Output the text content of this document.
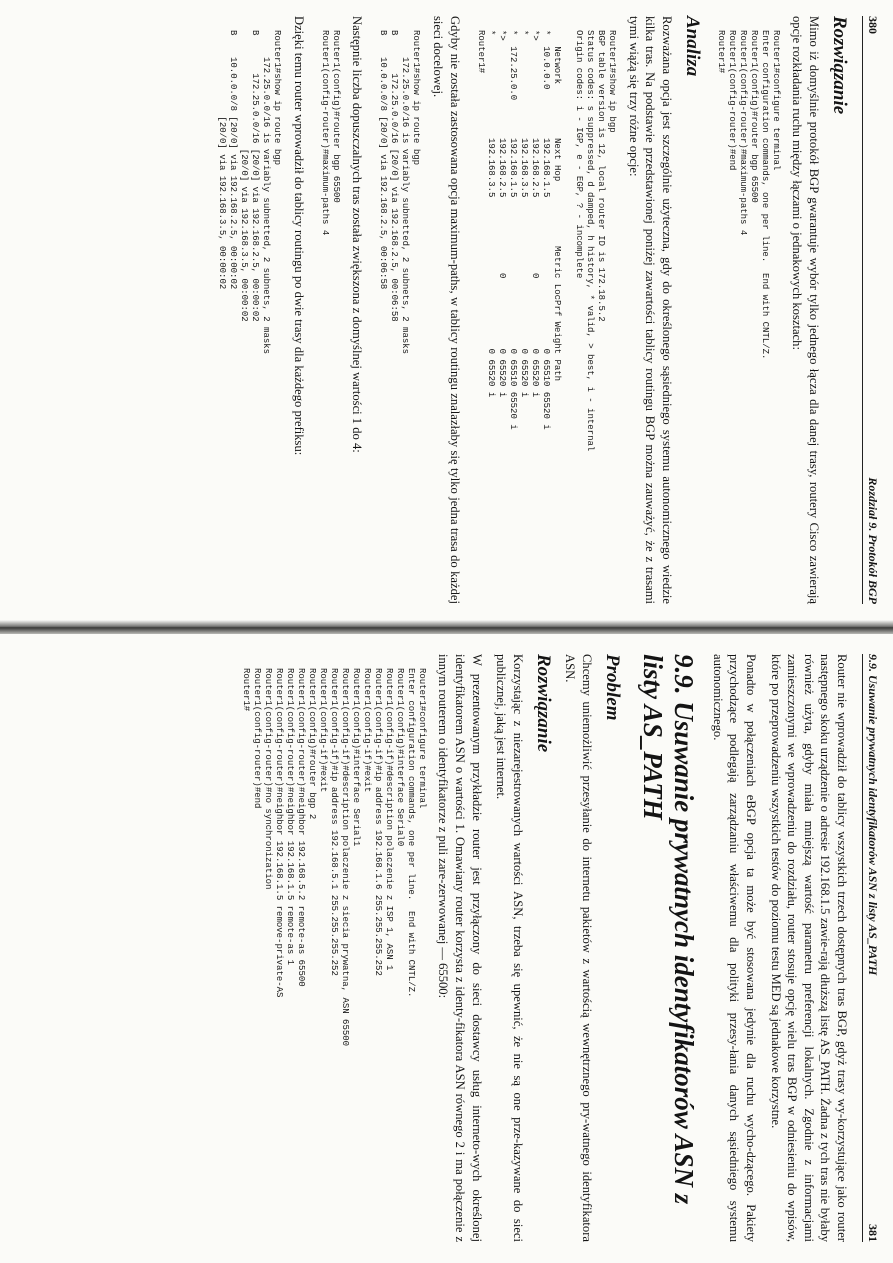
380
Rozdział 9. Protokół BGP
Rozwiązanie

Mimo iż domyślnie protokół BGP gwarantuje wybór tylko jednego łącza dla danej trasy, routery Cisco zawierają opcje rozkładania ruchu między łączami o jednakowych kosztach:

Router1#configure terminal
Enter configuration commands, one per line.  End with CNTL/Z.
Router1(config)#router bgp 65500
Router1(config-router)#maximum-paths 4
Router1(config-router)#end
Router1#
Analiza

Rozważana opcja jest szczególnie użyteczna, gdy do określonego sąsiedniego systemu autonomicznego wiedzie kilka tras. Na podstawie przedstawionej poniżej zawartości tablicy routingu BGP można zauważyć, że z trasami tymi wiążą się trzy różne opcje:

Router1#show ip bgp
BGP table version is 12, local router ID is 172.18.5.2
Status codes: s suppressed, d damped, h history, * valid, > best, i - internal
Origin codes: i - IGP, e - EGP, ? - incomplete

Network          Next Hop            Metric LocPrf Weight Path
*  10.0.0.0         192.168.1.5                            0 65510 65520 i
*>                  192.168.2.5              0             0 65520 i
*                   192.168.3.5                            0 65520 i
*  172.25.0.0       192.168.1.5                            0 65510 65520 i
*>                  192.168.2.5              0             0 65520 i
*                   192.168.3.5                            0 65520 i
Router1#

Gdyby nie została zastosowana opcja maximum-paths, w tablicy routingu znalazłaby się tylko jedna trasa do każdej sieci docelowej.

Router1#show ip route bgp
172.25.0.0/16 is variably subnetted, 2 subnets, 2 masks
B       172.25.0.0/16 [20/0] via 192.168.2.5, 00:06:58
B    10.0.0.0/8 [20/0] via 192.168.2.5, 00:06:58

Następnie liczba dopuszczalnych tras została zwiększona z domyślnej wartości 1 do 4:

Router1(config)#router bgp 65500
Router1(config-router)#maximum-paths 4

Dzięki temu router wprowadził do tablicy routingu po dwie trasy dla każdego prefiksu:

Router1#show ip route bgp
172.25.0.0/16 is variably subnetted, 2 subnets, 2 masks
B       172.25.0.0/16 [20/0] via 192.168.2.5, 00:00:02
[20/0] via 192.168.3.5, 00:00:02
B    10.0.0.0/8 [20/0] via 192.168.2.5, 00:00:02
[20/0] via 192.168.3.5, 00:00:02
9.9. Usuwanie prywatnych identyfikatorów ASN z listy AS_PATH
381

Router nie wprowadził do tablicy wszystkich trzech dostępnych tras BGP, gdyż trasy wy-korzystujące jako router następnego skoku urządzenie o adresie 192.168.1.5 zawie-rają dłuższą listę AS_PATH. Żadna z tych tras nie byłaby również użyta, gdyby miała mniejszą wartość parametru preferencji lokalnych. Zgodnie z informacjami zamieszczonymi we wprowadzeniu do rozdziału, router stosuje opcję wielu tras BGP w odniesieniu do wpisów, które po przeprowadzeniu wszystkich testów do poziomu testu MED są jednakowe korzystne.

Ponadto w połączeniach eBGP opcja ta może być stosowana jedynie dla ruchu wycho-dzącego. Pakiety przychodzące podlegają zarządzaniu właściwemu dla polityki przesy-łania danych sąsiedniego systemu autonomicznego.

9.9. Usuwanie prywatnych identyfikatorów ASN z listy AS_PATH
Problem

Chcemy uniemożliwić przesyłanie do internetu pakietów z wartością wewnętrznego pry-watnego identyfikatora ASN.

Rozwiązanie

Korzystając z niezarejestrowanych wartości ASN, trzeba się upewnić, że nie są one prze-kazywane do sieci publicznej, jaką jest internet.

W prezentowanym przykładzie router jest przyłączony do sieci dostawcy usług interneto-wych określonej identyfikatorem ASN o wartości 1. Omawiany router korzysta z identy-fikatora ASN równego 2 i ma połączenie z innym routerem o identyfikatorze z puli zare-zerwowanej — 65500:

Router1#configure terminal
Enter configuration commands, one per line.  End with CNTL/Z.
Router1(config)#interface Serial0
Router1(config-if)#description polaczenie z ISP 1, ASN 1
Router1(config-if)#ip address 192.168.1.6 255.255.255.252
Router1(config-if)#exit
Router1(config)#interface Serial1
Router1(config-if)#description polaczenie z siecia prywatna, ASN 65500
Router1(config-if)#ip address 192.168.5.1 255.255.255.252
Router1(config-if)#exit
Router1(config)#router bgp 2
Router1(config-router)#neighbor 192.168.5.2 remote-as 65500
Router1(config-router)#neighbor 192.168.1.5 remote-as 1
Router1(config-router)#neighbor 192.168.1.5 remove-private-AS
Router1(config-router)#no synchronization
Router1(config-router)#end
Router1#
